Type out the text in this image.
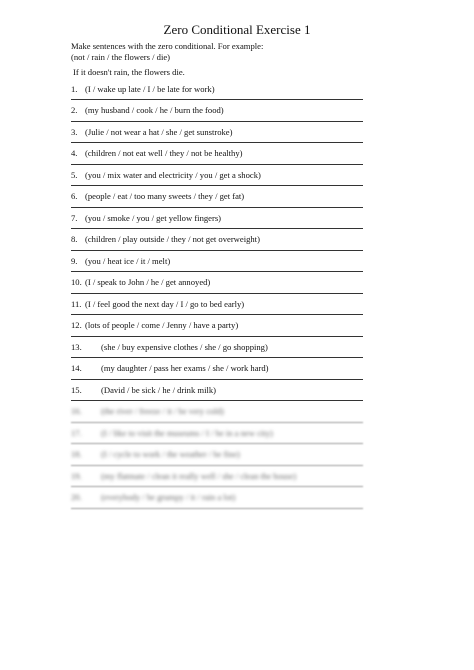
Zero Conditional Exercise 1
Make sentences with the zero conditional. For example:
(not / rain / the flowers / die)
If it doesn't rain, the flowers die.
1. (I / wake up late / I / be late for work)
2. (my husband / cook / he / burn the food)
3. (Julie / not wear a hat / she / get sunstroke)
4. (children / not eat well / they / not be healthy)
5. (you / mix water and electricity / you / get a shock)
6. (people / eat / too many sweets / they / get fat)
7. (you / smoke / you / get yellow fingers)
8. (children / play outside / they / not get overweight)
9. (you / heat ice / it / melt)
10. (I / speak to John / he / get annoyed)
11. (I / feel good the next day / I / go to bed early)
12. (lots of people / come / Jenny / have a party)
13. (she / buy expensive clothes / she / go shopping)
14. (my daughter / pass her exams / she / work hard)
15. (David / be sick / he / drink milk)
16. (the river / freeze / it / be very cold)
17. (I / like to visit the museums / I / be in a new city)
18. (I / cycle to work / the weather / be fine)
19. (my flatmate / clean it really well / she / clean the house)
20. (everybody / be grumpy / it / rain a lot)
